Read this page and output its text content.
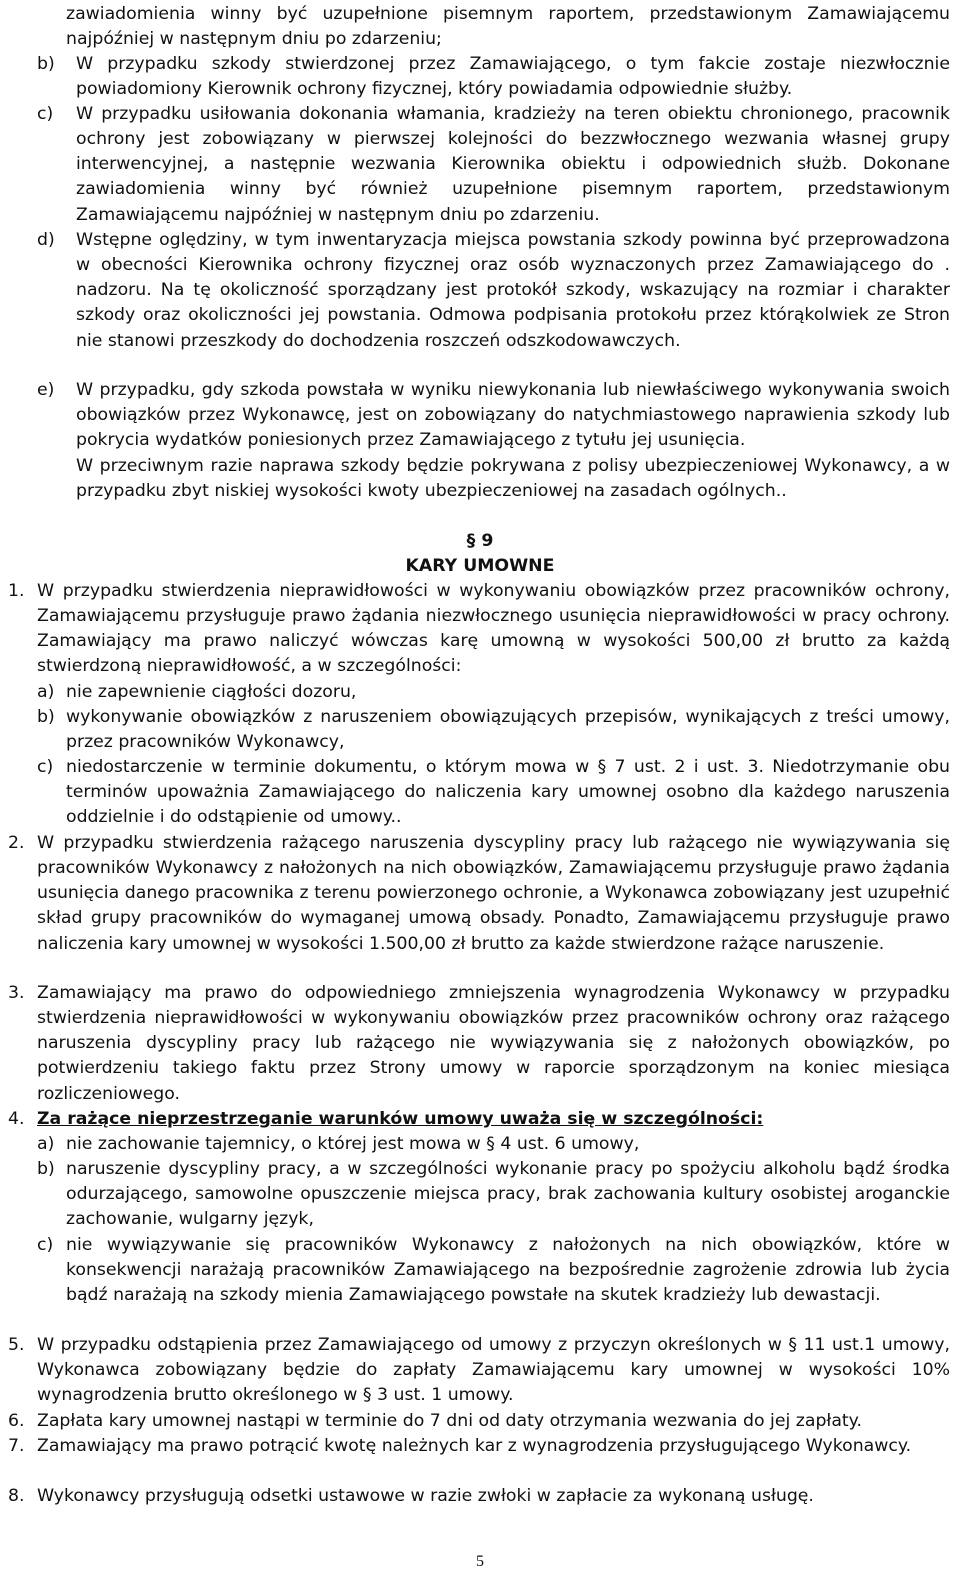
zawiadomienia winny być uzupełnione pisemnym raportem, przedstawionym Zamawiającemu najpóźniej w następnym dniu po zdarzeniu;
b) W przypadku szkody stwierdzonej przez Zamawiającego, o tym fakcie zostaje niezwłocznie powiadomiony Kierownik ochrony fizycznej, który powiadamia odpowiednie służby.
c) W przypadku usiłowania dokonania włamania, kradzieży na teren obiektu chronionego, pracownik ochrony jest zobowiązany w pierwszej kolejności do bezzwłocznego wezwania własnej grupy interwencyjnej, a następnie wezwania Kierownika obiektu i odpowiednich służb. Dokonane zawiadomienia winny być również uzupełnione pisemnym raportem, przedstawionym Zamawiającemu najpóźniej w następnym dniu po zdarzeniu.
d) Wstępne oględziny, w tym inwentaryzacja miejsca powstania szkody powinna być przeprowadzona w obecności Kierownika ochrony fizycznej oraz osób wyznaczonych przez Zamawiającego do . nadzoru. Na tę okoliczność sporządzany jest protokół szkody, wskazujący na rozmiar i charakter szkody oraz okoliczności jej powstania. Odmowa podpisania protokołu przez którąkolwiek ze Stron nie stanowi przeszkody do dochodzenia roszczeń odszkodowawczych.
e) W przypadku, gdy szkoda powstała w wyniku niewykonania lub niewłaściwego wykonywania swoich obowiązków przez Wykonawcę, jest on zobowiązany do natychmiastowego naprawienia szkody lub pokrycia wydatków poniesionych przez Zamawiającego z tytułu jej usunięcia.
W przeciwnym razie naprawa szkody będzie pokrywana z polisy ubezpieczeniowej Wykonawcy, a w przypadku zbyt niskiej wysokości kwoty ubezpieczeniowej na zasadach ogólnych..
§ 9
KARY UMOWNE
1. W przypadku stwierdzenia nieprawidłowości w wykonywaniu obowiązków przez pracowników ochrony, Zamawiającemu przysługuje prawo żądania niezwłocznego usunięcia nieprawidłowości w pracy ochrony. Zamawiający ma prawo naliczyć wówczas karę umowną w wysokości 500,00 zł brutto za każdą stwierdzoną nieprawidłowość, a w szczególności:
a) nie zapewnienie ciągłości dozoru,
b) wykonywanie obowiązków z naruszeniem obowiązujących przepisów, wynikających z treści umowy, przez pracowników Wykonawcy,
c) niedostarczenie w terminie dokumentu, o którym mowa w § 7 ust. 2 i ust. 3. Niedotrzymanie obu terminów upoważnia Zamawiającego do naliczenia kary umownej osobno dla każdego naruszenia oddzielnie i do odstąpienie od umowy..
2. W przypadku stwierdzenia rażącego naruszenia dyscypliny pracy lub rażącego nie wywiązywania się pracowników Wykonawcy z nałożonych na nich obowiązków, Zamawiającemu przysługuje prawo żądania usunięcia danego pracownika z terenu powierzonego ochronie, a Wykonawca zobowiązany jest uzupełnić skład grupy pracowników do wymaganej umową obsady. Ponadto, Zamawiającemu przysługuje prawo naliczenia kary umownej w wysokości 1.500,00 zł brutto za każde stwierdzone rażące naruszenie.
3. Zamawiający ma prawo do odpowiedniego zmniejszenia wynagrodzenia Wykonawcy w przypadku stwierdzenia nieprawidłowości w wykonywaniu obowiązków przez pracowników ochrony oraz rażącego naruszenia dyscypliny pracy lub rażącego nie wywiązywania się z nałożonych obowiązków, po potwierdzeniu takiego faktu przez Strony umowy w raporcie sporządzonym na koniec miesiąca rozliczeniowego.
4. Za rażące nieprzestrzeganie warunków umowy uważa się w szczególności:
a) nie zachowanie tajemnicy, o której jest mowa w § 4 ust. 6 umowy,
b) naruszenie dyscypliny pracy, a w szczególności wykonanie pracy po spożyciu alkoholu bądź środka odurzającego, samowolne opuszczenie miejsca pracy, brak zachowania kultury osobistej aroganckie zachowanie, wulgarny język,
c) nie wywiązywanie się pracowników Wykonawcy z nałożonych na nich obowiązków, które w konsekwencji narażają pracowników Zamawiającego na bezpośrednie zagrożenie zdrowia lub życia bądź narażają na szkody mienia Zamawiającego powstałe na skutek kradzieży lub dewastacji.
5. W przypadku odstąpienia przez Zamawiającego od umowy z przyczyn określonych w § 11 ust.1 umowy, Wykonawca zobowiązany będzie do zapłaty Zamawiającemu kary umownej w wysokości 10% wynagrodzenia brutto określonego w § 3 ust. 1 umowy.
6. Zapłata kary umownej nastąpi w terminie do 7 dni od daty otrzymania wezwania do jej zapłaty.
7. Zamawiający ma prawo potrącić kwotę należnych kar z wynagrodzenia przysługującego Wykonawcy.
8. Wykonawcy przysługują odsetki ustawowe w razie zwłoki w zapłacie za wykonaną usługę.
5
